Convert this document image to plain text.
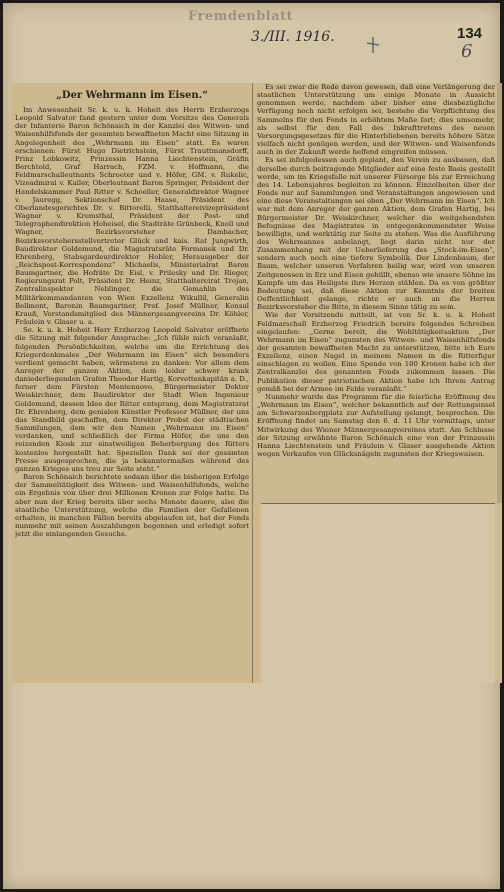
Fremdenblatt
3./III. 1916.	134
6
„Der Wehrmann im Eisen.“

Im Anwesenheit Sr. k. u. k. Hoheit des Herrn Erzherzogs Leopold Salvator fand gestern unter dem Vorsitze des Generals der Infanterie Baron Schönaich in der Kanzlei des Witwen- und Waisenhilfsfonds der gesamten bewaffneten Macht eine Sitzung in Angelegenheit des „Wehrmann im Eisen“ statt. Es waren erschienen: Fürst Hugo Dietrichstein, Fürst Trauttmansdorff, Prinz Lobkowitz, Prinzessin Hanna Liechtenstein, Gräfin Berchtold, Graf Harrach, FZM. v. Hoffmann, die Feldmarschalleutnants Schroeter und v. Höfer, GM. v. Rukelic, Vizeadmiral v. Kailer, Oberleutnant Baron Springer, Präsident der Handelskammer Paul Ritter v. Schoeller, Generaldirektor Wagner v. Jauregg, Sektionschef Dr. Haase, Präsident des Oberlandesgerichtes Dr. v. Bittorelli, Statthaltereivizepräsident Wagner v. Kremsthal, Präsident der Post- und Telegraphendirektion Hoheisel, die Stadträte Grünbeck, Knoll und Wagner, Bezirksvorsteher Dambacher, Bezirksvorstehersstellvertreter Glück und kais. Rat Jungwirth, Baudirektor Goldemund, die Magistratsräte Formanek und Dr. Ehrenberg, Stabsgardeurdirektor Hobler, Herausgeber der „Reichspost-Korrespondenz“ Michaelis, Ministerialrat Baron Baumgartner, die Hofräte Dr. Eisl, v. Prilesky und Dr. Rieger, Regierungsrat Polt, Präsident Dr. Heinz, Statthaltereirat Trojan, Zentralinspektor Neblinger, die Gemahlin des Militärkommandanten von Wien Exzellenz Wikullil, Generalin Bellmont, Baronin Baumgartner, Prof. Josef Müllner, Konsul Krauß, Vorstandsmitglied des Männergesangvereins Dr. Köhler, Fräulein v. Glaser u. a.

Se. k. u. k. Hoheit Herr Erzherzog Leopold Salvator eröffnete die Sitzung mit folgender Ansprache: „Ich fühle mich veranlaßt, folgenden Persönlichkeiten, welche um die Errichtung des Kriegerdenkmales „Der Wehrmann im Eisen“ sich besonders verdient gemacht haben, wärmstens zu danken: Vor allem dem Anreger der ganzen Aktion, dem leider schwer krank daniederliegenden Grafen Theodor Hartig, Korvettenkapitän a. D., ferner dem Fürsten Montenuovo, Bürgermeister Doktor Weiskirchner, dem Baudirektor der Stadt Wien Ingenieur Goldemund, dessen Idee der Ritter entsprang, dem Magistratsrat Dr. Ehrenberg, dem genialen Künstler Professor Müllner, der uns das Standbild geschaffen, dem Direktor Probst der städtischen Sammlungen, dem wir den Namen „Wehrmann im Eisen“ verdanken, und schließlich der Firma Höfer, die uns den reizenden Kiosk zur einstweiligen Beherbergung des Ritters kostenlos hergestellt hat. Speziellen Dank sei der gesamten Presse ausgesprochen, die ja bekanntermaßen während des ganzen Krieges uns treu zur Seite steht.“

Baron Schönaich berichtete sodann über die bisherigen Erfolge der Sammeltätigkeit des Witwen- und Waisenhilfsfonds, welche ein Ergebnis von über drei Millionen Kronen zur Folge hatte. Da aber nun der Krieg bereits über sechs Monate dauere, also die staatliche Unterstützung, welche die Familien der Gefallenen erhalten, in manchen Fällen bereits abgelaufen ist, hat der Fonds nunmehr mit seinen Auszahlungen begonnen und erledigt sofort jetzt die einlangenden Gesuche.

Es sei zwar die Rede davon gewesen, daß eine Verlängerung der staatlichen Unterstützung um einige Monate in Aussicht genommen werde, nachdem aber bisher eine diesbezügliche Verfügung noch nicht erfolgen sei, bestehe die Verpflichtung des Sammelns für den Fonds in erhöhtem Maße fort; dies umsomehr, als selbst für den Fall des Inkrafttretens des neuen Versorgungsgesetzes für die Hinterbliebenen bereits höhere Sätze vielfach nicht genügen werden, und der Witwen- und Waisenfonds auch in der Zukunft werde helfend eingreifen müssen.

Es sei infolgedessen auch geplant, den Verein zu ausbauen, daß derselbe durch beitragende Mitglieder auf eine feste Basis gestellt werde, um im Kriegsfalle mit unserer Fürsorge bis zur Erreichung des 14. Lebensjahres begleiten zu können. Einzelheiten über der Fonds nur auf Sammlungen und Veranstaltungen angewiesen und eine diese Veranstaltungen sei eben „Der Wehrmann im Eisen“. Ich war mit dem Anreger der ganzen Aktion, dem Grafen Hartig, bei Bürgermeister Dr. Weiskirchner, welcher die weitgehendsten Befugnisse des Magistrates in entgegenkommendster Weise bewilligte, und werktätig zur Seite zu stehen. Was die Ausführung des Wehrmannes anbelangt, liegt darin nicht nur der Zusammenhang mit der Ueberlieferung des „Stock-im-Eisen“, sondern auch noch eine tiefere Symbolik. Der Lindenbaum, der Baum, welcher unseren Vorfahren heilig war, wird von unseren Zeitgenossen in Erz und Eisen gehüllt, ebenso wie unsere Söhne im Kampfe um das Heiligste ihre Herzen stählen. Da es von größter Bedeutung sei, daß diese Aktion zur Kenntnis der breiten Oeffentlichkeit gelange, richte er auch an die Herren Bezirksvorsteher die Bitte, in diesem Sinne tätig zu sein.

Wie der Vorsitzende mitteilt, ist von Sr. k. u. k. Hoheit Feldmarschall Erzherzog Friedrich bereits folgendes Schreiben eingelaufen: „Gerne bereit, die Wohltätigkeitsaktion „Der Wehrmann im Eisen“ zugunsten des Witwen- und Waisenhilfsfonds der gesamten bewaffneten Macht zu unterstützen, bitte ich Eure Exzellenz, einen Nagel in meinem Namen in die Ritterfigur einschlagen zu wollen. Eine Spende von 100 Kronen habe ich der Zentralkanzlei des genannten Fonds zukommen lassen. Die Publikation dieser patriotischen Aktion habe ich Ihrem Antrag gemäß bei der Armee im Felde veranlaßt.“

Nunmehr wurde das Programm für die feierliche Eröffnung des „Wehrmann im Eisen“, welcher bekanntlich auf der Rettungsinsel am Schwarzenbergplatz zur Aufstellung gelangt, besprochen. Die Eröffnung findet am Samstag den 6. d. 11 Uhr vormittags, unter Mitwirkung des Wiener Männergesangvereines statt. Am Schlusse der Sitzung erwähnte Baron Schönaich eine von der Prinzessin Hanna Liechtenstein und Fräulein v. Glaser ausgehende Aktion wegen Verkaufes von Glücksnägeln zugunsten der Kriegswaisen.
